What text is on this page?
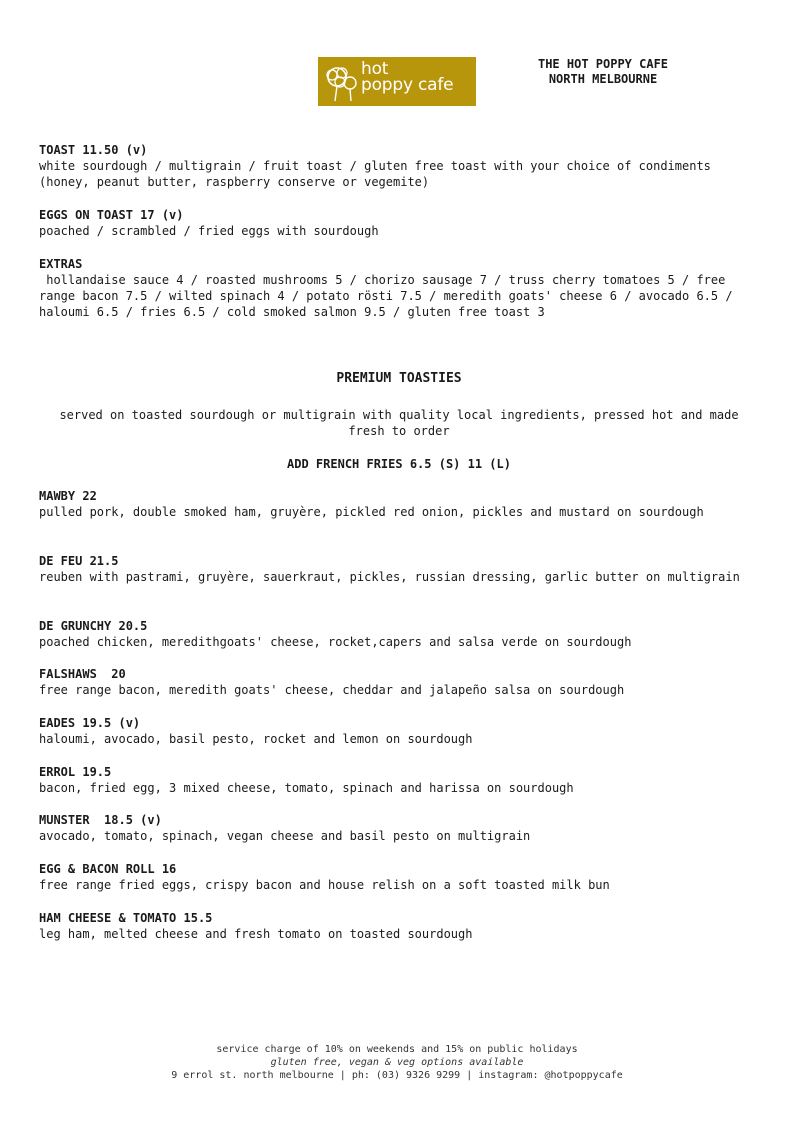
hot
poppy cafe
THE HOT POPPY CAFE
NORTH MELBOURNE
TOAST 11.50 (v)
white sourdough / multigrain / fruit toast / gluten free toast with your choice of condiments (honey, peanut butter, raspberry conserve or vegemite)
EGGS ON TOAST 17 (v)
poached / scrambled / fried eggs with sourdough
EXTRAS
hollandaise sauce 4 / roasted mushrooms 5 / chorizo sausage 7 / truss cherry tomatoes 5 / free range bacon 7.5 / wilted spinach 4 / potato rösti 7.5 / meredith goats' cheese 6 / avocado 6.5 / haloumi 6.5 / fries 6.5 / cold smoked salmon 9.5 / gluten free toast 3
PREMIUM TOASTIES
served on toasted sourdough or multigrain with quality local ingredients, pressed hot and made fresh to order
ADD FRENCH FRIES 6.5 (S) 11 (L)
MAWBY 22
pulled pork, double smoked ham, gruyère, pickled red onion, pickles and mustard on sourdough
DE FEU 21.5
reuben with pastrami, gruyère, sauerkraut, pickles, russian dressing, garlic butter on multigrain
DE GRUNCHY 20.5
poached chicken, meredithgoats' cheese, rocket,capers and salsa verde on sourdough
FALSHAWS  20
free range bacon, meredith goats' cheese, cheddar and jalapeño salsa on sourdough
EADES 19.5 (v)
haloumi, avocado, basil pesto, rocket and lemon on sourdough
ERROL 19.5
bacon, fried egg, 3 mixed cheese, tomato, spinach and harissa on sourdough
MUNSTER  18.5 (v)
avocado, tomato, spinach, vegan cheese and basil pesto on multigrain
EGG & BACON ROLL 16
free range fried eggs, crispy bacon and house relish on a soft toasted milk bun
HAM CHEESE & TOMATO 15.5
leg ham, melted cheese and fresh tomato on toasted sourdough
service charge of 10% on weekends and 15% on public holidays
gluten free, vegan & veg options available
9 errol st. north melbourne | ph: (03) 9326 9299 | instagram: @hotpoppycafe
